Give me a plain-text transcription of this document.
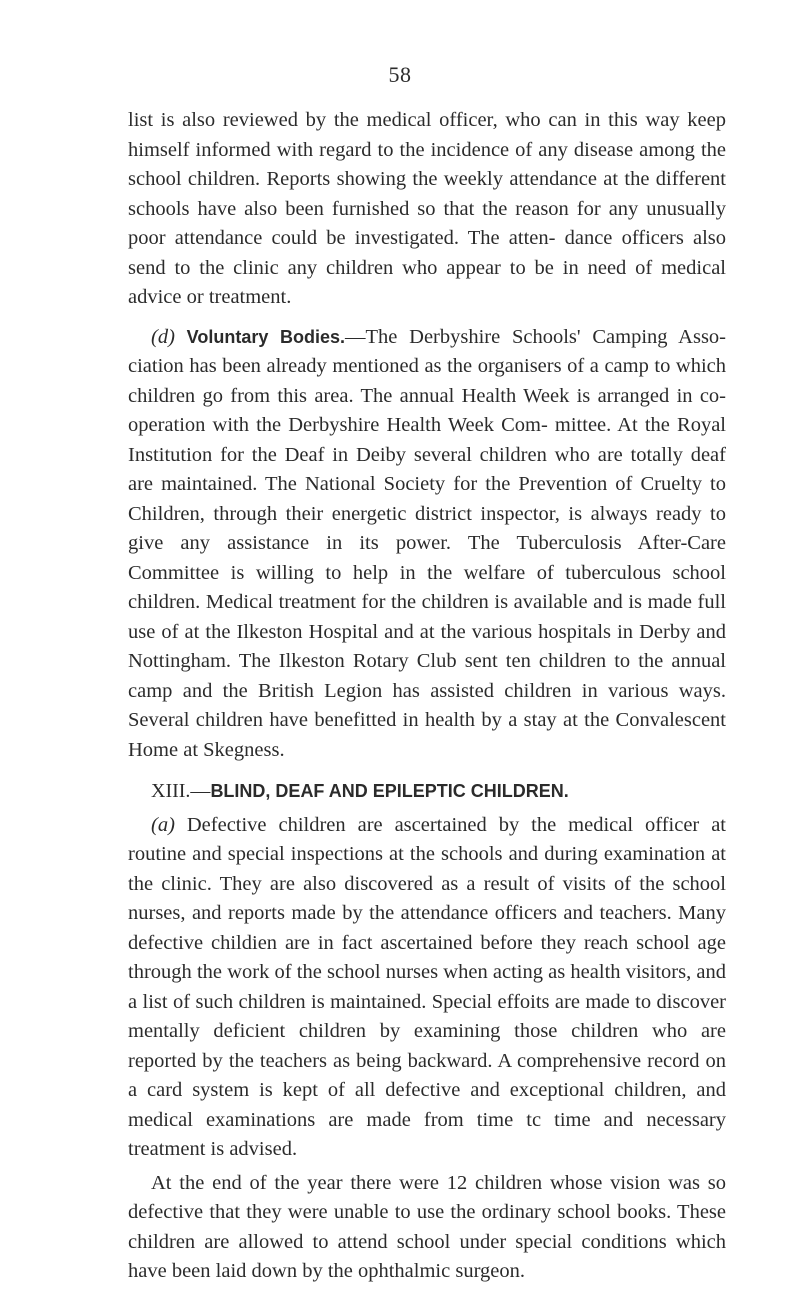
58

list is also reviewed by the medical officer, who can in this way keep himself informed with regard to the incidence of any disease among the school children. Reports showing the weekly attendance at the different schools have also been furnished so that the reason for any unusually poor attendance could be investigated. The atten- dance officers also send to the clinic any children who appear to be in need of medical advice or treatment.

(d) Voluntary Bodies.—The Derbyshire Schools' Camping Asso- ciation has been already mentioned as the organisers of a camp to which children go from this area. The annual Health Week is arranged in co-operation with the Derbyshire Health Week Com- mittee. At the Royal Institution for the Deaf in Deiby several children who are totally deaf are maintained. The National Society for the Prevention of Cruelty to Children, through their energetic district inspector, is always ready to give any assistance in its power. The Tuberculosis After-Care Committee is willing to help in the welfare of tuberculous school children. Medical treatment for the children is available and is made full use of at the Ilkeston Hospital and at the various hospitals in Derby and Nottingham. The Ilkeston Rotary Club sent ten children to the annual camp and the British Legion has assisted children in various ways. Several children have benefitted in health by a stay at the Convalescent Home at Skegness.

XIII.—BLIND, DEAF AND EPILEPTIC CHILDREN.

(a) Defective children are ascertained by the medical officer at routine and special inspections at the schools and during examination at the clinic. They are also discovered as a result of visits of the school nurses, and reports made by the attendance officers and teachers. Many defective childien are in fact ascertained before they reach school age through the work of the school nurses when acting as health visitors, and a list of such children is maintained. Special effoits are made to discover mentally deficient children by examining those children who are reported by the teachers as being backward. A comprehensive record on a card system is kept of all defective and exceptional children, and medical examinations are made from time tc time and necessary treatment is advised.

At the end of the year there were 12 children whose vision was so defective that they were unable to use the ordinary school books. These children are allowed to attend school under special conditions which have been laid down by the ophthalmic surgeon.
